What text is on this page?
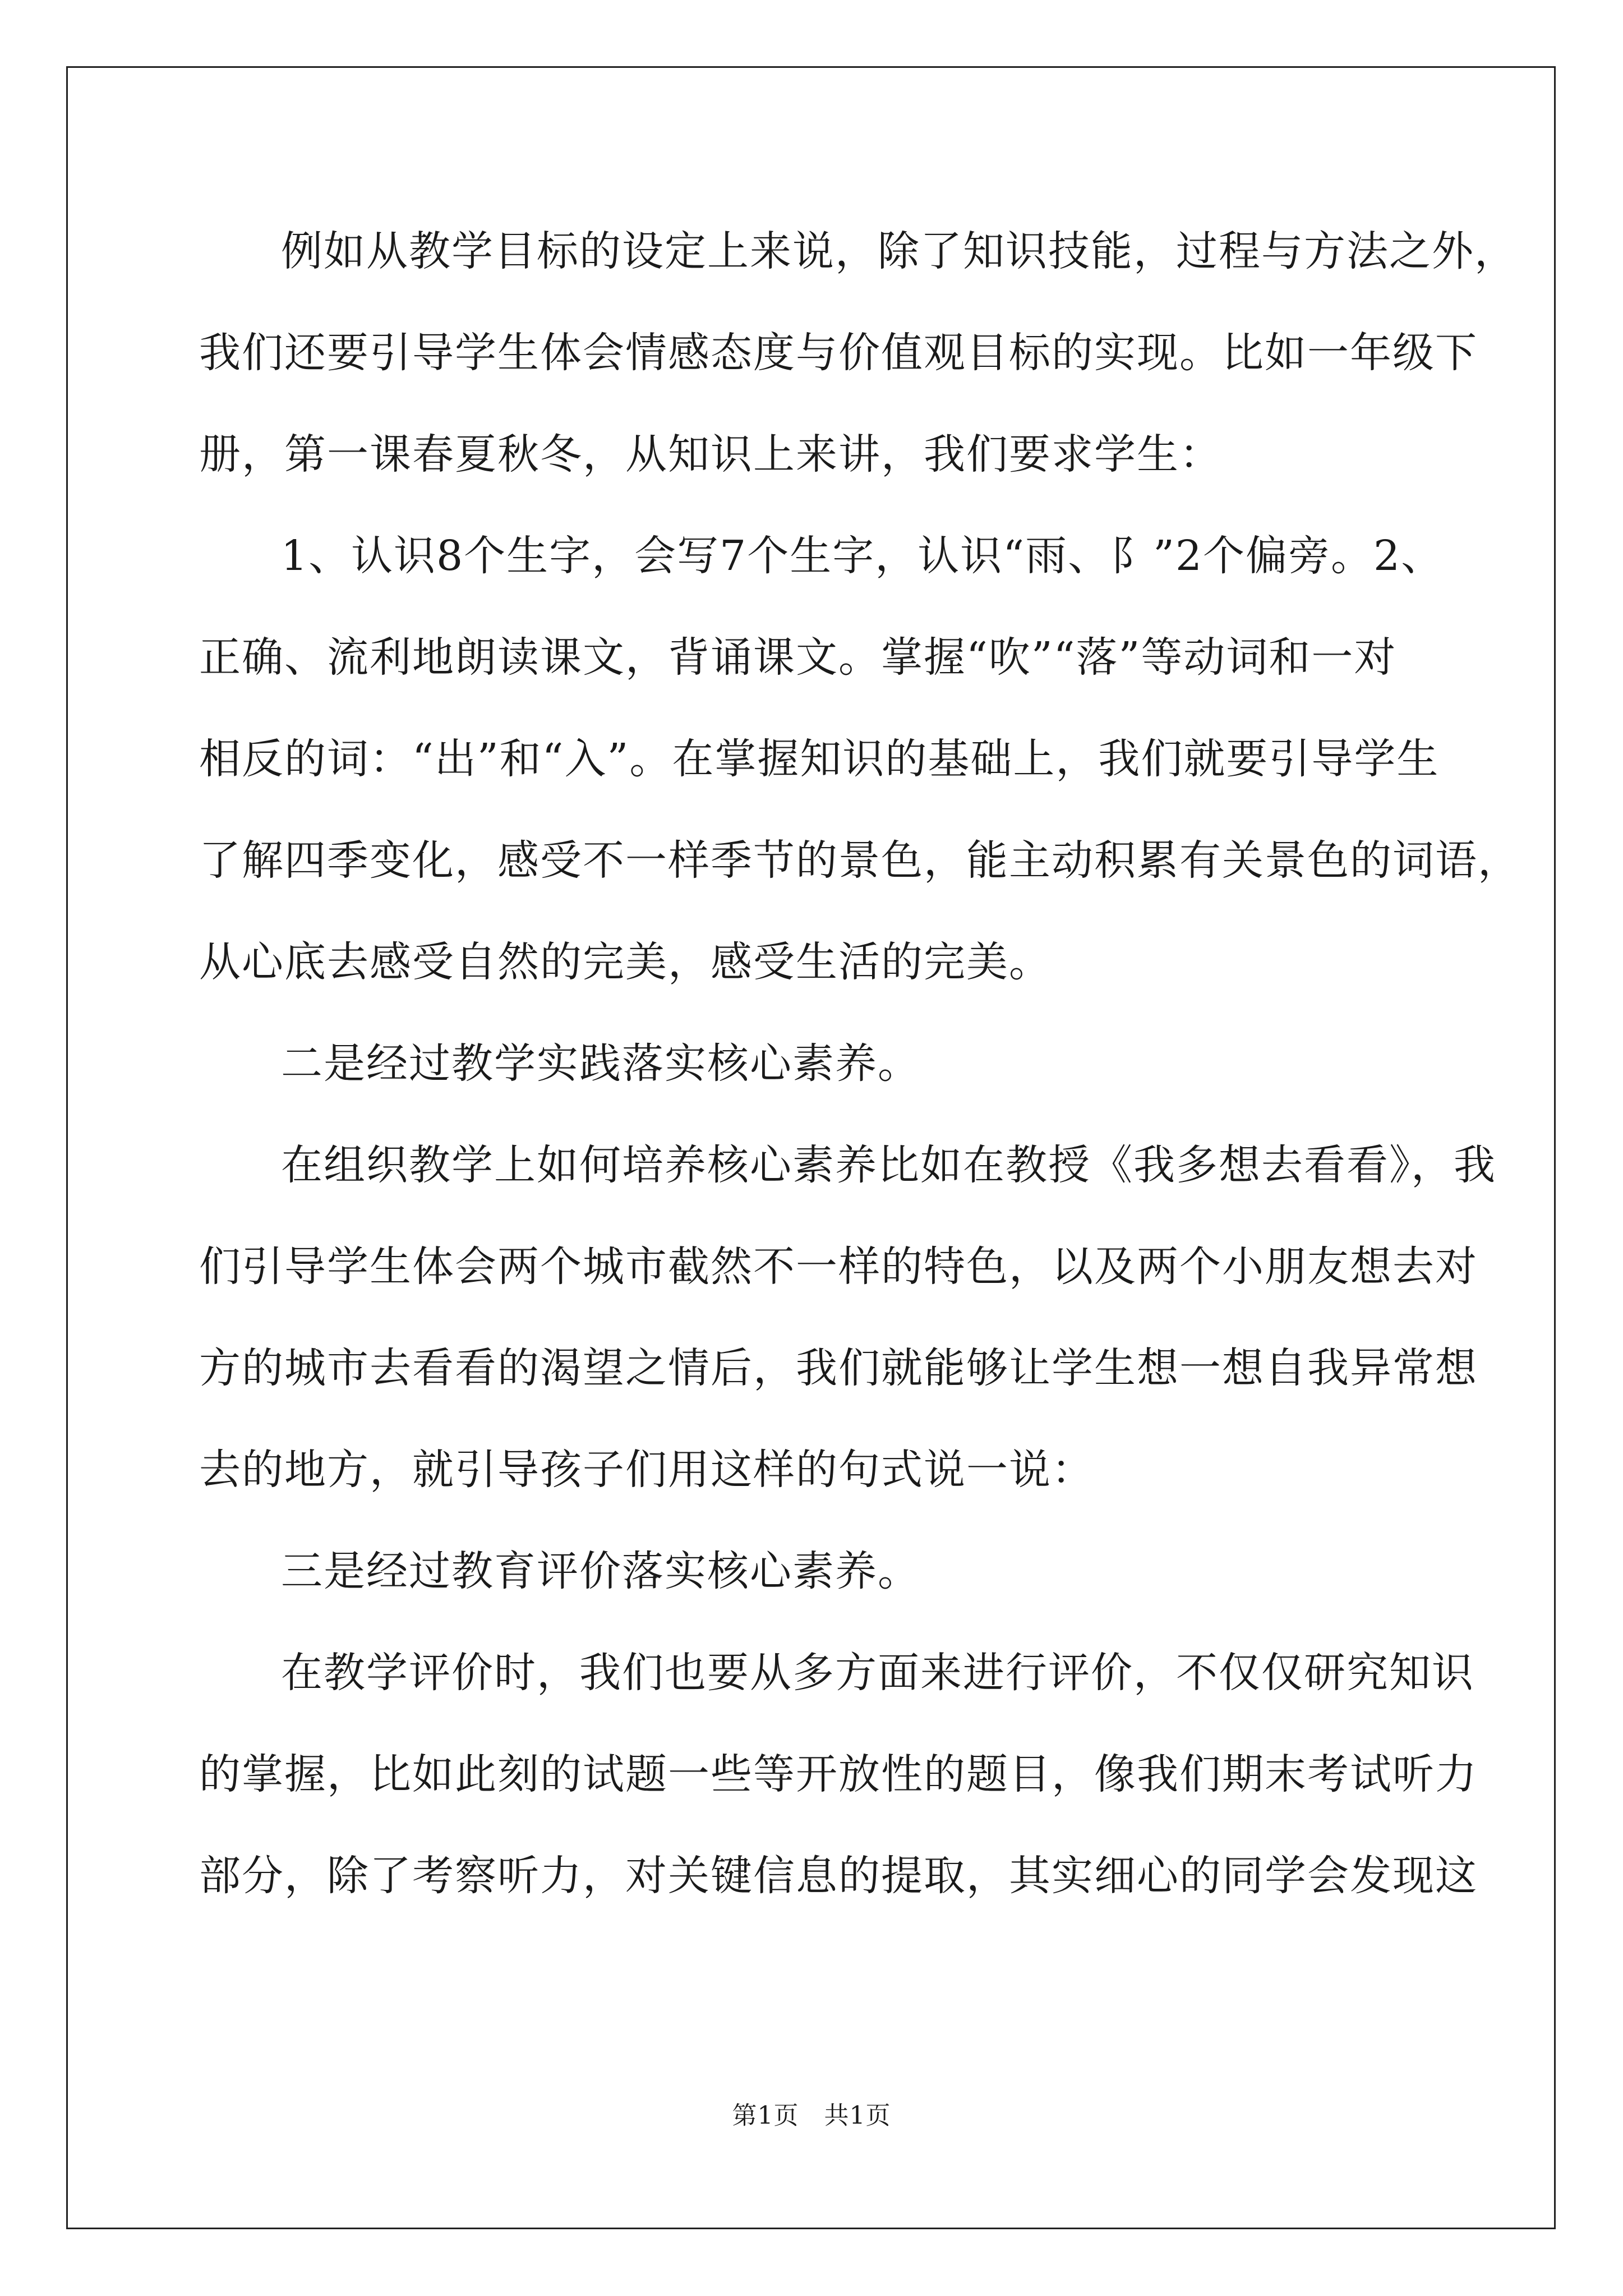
例如从教学目标的设定上来说，除了知识技能，过程与方法之外，
我们还要引导学生体会情感态度与价值观目标的实现。比如一年级下
册，第一课春夏秋冬，从知识上来讲，我们要求学生：
1、认识8个生字，会写7个生字，认识“雨、阝”2个偏旁。2、
正确、流利地朗读课文，背诵课文。掌握“吹”“落”等动词和一对
相反的词：“出”和“入”。在掌握知识的基础上，我们就要引导学生
了解四季变化，感受不一样季节的景色，能主动积累有关景色的词语，
从心底去感受自然的完美，感受生活的完美。
二是经过教学实践落实核心素养。
在组织教学上如何培养核心素养比如在教授《我多想去看看》，我
们引导学生体会两个城市截然不一样的特色，以及两个小朋友想去对
方的城市去看看的渴望之情后，我们就能够让学生想一想自我异常想
去的地方，就引导孩子们用这样的句式说一说：
三是经过教育评价落实核心素养。
在教学评价时，我们也要从多方面来进行评价，不仅仅研究知识
的掌握，比如此刻的试题一些等开放性的题目，像我们期末考试听力
部分，除了考察听力，对关键信息的提取，其实细心的同学会发现这
第1页　共1页
